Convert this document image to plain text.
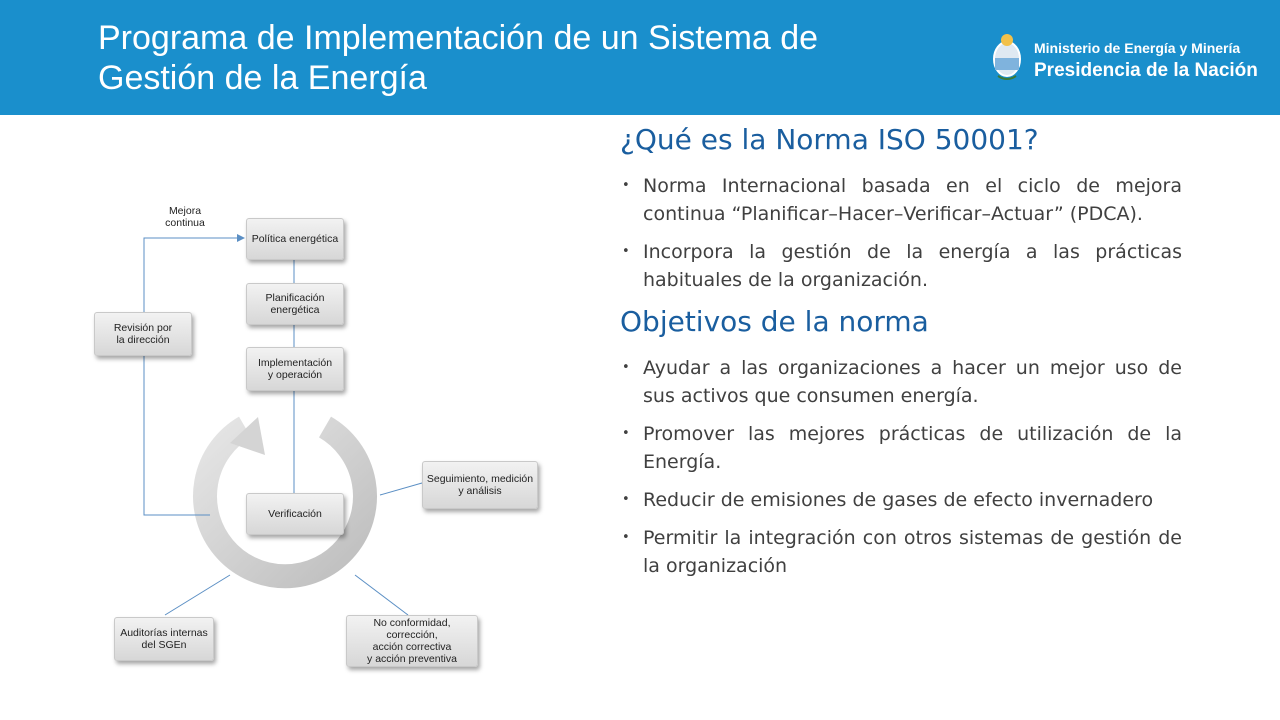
Programa de Implementación de un Sistema de Gestión de la Energía
Ministerio de Energía y Minería
Presidencia de la Nación
Mejora
continua
Política energética
Planificación
energética
Implementación
y operación
Verificación
Seguimiento, medición
y análisis
No conformidad, corrección,
acción correctiva
y acción preventiva
Auditorías internas
del SGEn
Revisión por
la dirección
¿Qué es la Norma ISO 50001?
• Norma Internacional basada en el ciclo de mejora continua “Planificar–Hacer–Verificar–Actuar” (PDCA).
• Incorpora la gestión de la energía a las prácticas habituales de la organización.
Objetivos de la norma
• Ayudar a las organizaciones a hacer un mejor uso de sus activos que consumen energía.
• Promover las mejores prácticas de utilización de la Energía.
• Reducir de emisiones de gases de efecto invernadero
• Permitir la integración con otros sistemas de gestión de la organización
